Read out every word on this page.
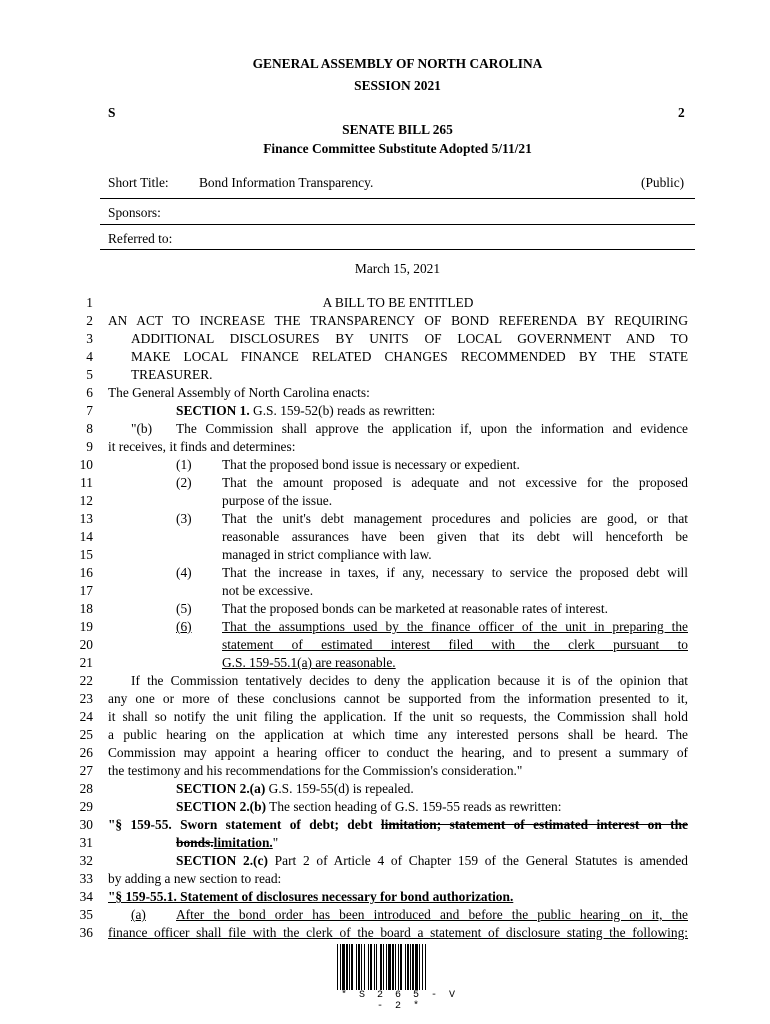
GENERAL ASSEMBLY OF NORTH CAROLINA
SESSION 2021
S	2
SENATE BILL 265
Finance Committee Substitute Adopted 5/11/21
Short Title: Bond Information Transparency.	(Public)
Sponsors:
Referred to:
March 15, 2021
1
2
3
4
5
6
7
8
9
10
11
12
13
14
15
16
17
18
19
20
21
22
23
24
25
26
27
28
29
30
31
32
33
34
35
36
A BILL TO BE ENTITLED
AN ACT TO INCREASE THE TRANSPARENCY OF BOND REFERENDA BY REQUIRING
ADDITIONAL DISCLOSURES BY UNITS OF LOCAL GOVERNMENT AND TO
MAKE LOCAL FINANCE RELATED CHANGES RECOMMENDED BY THE STATE
TREASURER.
The General Assembly of North Carolina enacts:
SECTION 1. G.S. 159-52(b) reads as rewritten:
"(b) The Commission shall approve the application if, upon the information and evidence
it receives, it finds and determines:
(1) That the proposed bond issue is necessary or expedient.
(2) That the amount proposed is adequate and not excessive for the proposed
purpose of the issue.
(3) That the unit's debt management procedures and policies are good, or that
reasonable assurances have been given that its debt will henceforth be
managed in strict compliance with law.
(4) That the increase in taxes, if any, necessary to service the proposed debt will
not be excessive.
(5) That the proposed bonds can be marketed at reasonable rates of interest.
(6) That the assumptions used by the finance officer of the unit in preparing the
statement of estimated interest filed with the clerk pursuant to
G.S. 159-55.1(a) are reasonable.
If the Commission tentatively decides to deny the application because it is of the opinion that
any one or more of these conclusions cannot be supported from the information presented to it,
it shall so notify the unit filing the application. If the unit so requests, the Commission shall hold
a public hearing on the application at which time any interested persons shall be heard. The
Commission may appoint a hearing officer to conduct the hearing, and to present a summary of
the testimony and his recommendations for the Commission's consideration."
SECTION 2.(a) G.S. 159-55(d) is repealed.
SECTION 2.(b) The section heading of G.S. 159-55 reads as rewritten:
"§ 159-55. Sworn statement of debt; debt limitation; statement of estimated interest on the
bonds.limitation."
SECTION 2.(c) Part 2 of Article 4 of Chapter 159 of the General Statutes is amended
by adding a new section to read:
"§ 159-55.1. Statement of disclosures necessary for bond authorization.
(a) After the bond order has been introduced and before the public hearing on it, the
finance officer shall file with the clerk of the board a statement of disclosure stating the following:
* S 2 6 5 - V - 2 *
